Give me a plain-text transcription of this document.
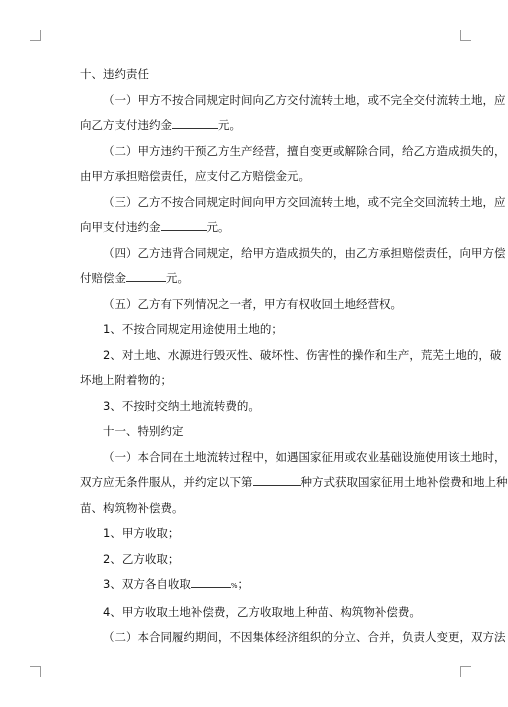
十、违约责任

（一）甲方不按合同规定时间向乙方交付流转土地，或不完全交付流转土地，应

向乙方支付违约金	元。

（二）甲方违约干预乙方生产经营，擅自变更或解除合同，给乙方造成损失的，

由甲方承担赔偿责任，应支付乙方赔偿金元。

（三）乙方不按合同规定时间向甲方交回流转土地，或不完全交回流转土地，应

向甲支付违约金	元。

（四）乙方违背合同规定，给甲方造成损失的，由乙方承担赔偿责任，向甲方偿

付赔偿金	元。

（五）乙方有下列情况之一者，甲方有权收回土地经营权。

1、不按合同规定用途使用土地的；

2、对土地、水源进行毁灭性、破坏性、伤害性的操作和生产，荒芜土地的，破

坏地上附着物的；

3、不按时交纳土地流转费的。

十一、特别约定

（一）本合同在土地流转过程中，如遇国家征用或农业基础设施使用该土地时，

双方应无条件服从，并约定以下第	种方式获取国家征用土地补偿费和地上种

苗、构筑物补偿费。

1、甲方收取；

2、乙方收取；

3、双方各自收取	%；

4、甲方收取土地补偿费，乙方收取地上种苗、构筑物补偿费。

（二）本合同履约期间，不因集体经济组织的分立、合并，负责人变更，双方法
